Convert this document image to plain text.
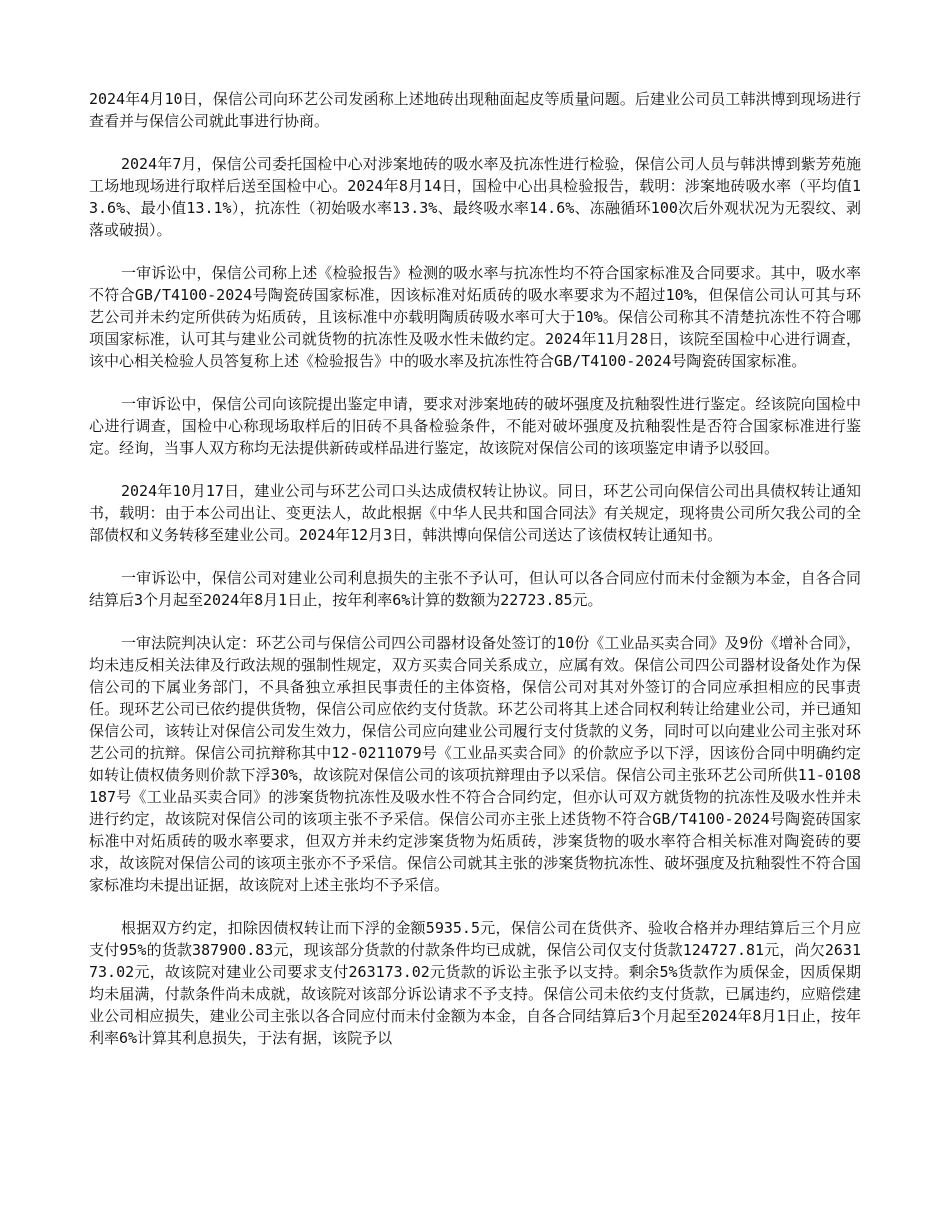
2024年4月10日，保信公司向环艺公司发函称上述地砖出现釉面起皮等质量问题。后建业公司员工韩洪博到现场进行查看并与保信公司就此事进行协商。

2024年7月，保信公司委托国检中心对涉案地砖的吸水率及抗冻性进行检验，保信公司人员与韩洪博到紫芳苑施工场地现场进行取样后送至国检中心。2024年8月14日，国检中心出具检验报告，载明：涉案地砖吸水率（平均值13.6%、最小值13.1%），抗冻性（初始吸水率13.3%、最终吸水率14.6%、冻融循环100次后外观状况为无裂纹、剥落或破损）。

一审诉讼中，保信公司称上述《检验报告》检测的吸水率与抗冻性均不符合国家标准及合同要求。其中，吸水率不符合GB/T4100-2024号陶瓷砖国家标准，因该标准对炻质砖的吸水率要求为不超过10%，但保信公司认可其与环艺公司并未约定所供砖为炻质砖，且该标准中亦载明陶质砖吸水率可大于10%。保信公司称其不清楚抗冻性不符合哪项国家标准，认可其与建业公司就货物的抗冻性及吸水性未做约定。2024年11月28日，该院至国检中心进行调查，该中心相关检验人员答复称上述《检验报告》中的吸水率及抗冻性符合GB/T4100-2024号陶瓷砖国家标准。

一审诉讼中，保信公司向该院提出鉴定申请，要求对涉案地砖的破坏强度及抗釉裂性进行鉴定。经该院向国检中心进行调查，国检中心称现场取样后的旧砖不具备检验条件，不能对破坏强度及抗釉裂性是否符合国家标准进行鉴定。经询，当事人双方称均无法提供新砖或样品进行鉴定，故该院对保信公司的该项鉴定申请予以驳回。

2024年10月17日，建业公司与环艺公司口头达成债权转让协议。同日，环艺公司向保信公司出具债权转让通知书，载明：由于本公司出让、变更法人，故此根据《中华人民共和国合同法》有关规定，现将贵公司所欠我公司的全部债权和义务转移至建业公司。2024年12月3日，韩洪博向保信公司送达了该债权转让通知书。

一审诉讼中，保信公司对建业公司利息损失的主张不予认可，但认可以各合同应付而未付金额为本金，自各合同结算后3个月起至2024年8月1日止，按年利率6%计算的数额为22723.85元。

一审法院判决认定：环艺公司与保信公司四公司器材设备处签订的10份《工业品买卖合同》及9份《增补合同》，均未违反相关法律及行政法规的强制性规定，双方买卖合同关系成立，应属有效。保信公司四公司器材设备处作为保信公司的下属业务部门，不具备独立承担民事责任的主体资格，保信公司对其对外签订的合同应承担相应的民事责任。现环艺公司已依约提供货物，保信公司应依约支付货款。环艺公司将其上述合同权利转让给建业公司，并已通知保信公司，该转让对保信公司发生效力，保信公司应向建业公司履行支付货款的义务，同时可以向建业公司主张对环艺公司的抗辩。保信公司抗辩称其中12-0211079号《工业品买卖合同》的价款应予以下浮，因该份合同中明确约定如转让债权债务则价款下浮30%，故该院对保信公司的该项抗辩理由予以采信。保信公司主张环艺公司所供11-0108187号《工业品买卖合同》的涉案货物抗冻性及吸水性不符合合同约定，但亦认可双方就货物的抗冻性及吸水性并未进行约定，故该院对保信公司的该项主张不予采信。保信公司亦主张上述货物不符合GB/T4100-2024号陶瓷砖国家标准中对炻质砖的吸水率要求，但双方并未约定涉案货物为炻质砖，涉案货物的吸水率符合相关标准对陶瓷砖的要求，故该院对保信公司的该项主张亦不予采信。保信公司就其主张的涉案货物抗冻性、破坏强度及抗釉裂性不符合国家标准均未提出证据，故该院对上述主张均不予采信。

根据双方约定，扣除因债权转让而下浮的金额5935.5元，保信公司在货供齐、验收合格并办理结算后三个月应支付95%的货款387900.83元，现该部分货款的付款条件均已成就，保信公司仅支付货款124727.81元，尚欠263173.02元，故该院对建业公司要求支付263173.02元货款的诉讼主张予以支持。剩余5%货款作为质保金，因质保期均未届满，付款条件尚未成就，故该院对该部分诉讼请求不予支持。保信公司未依约支付货款，已属违约，应赔偿建业公司相应损失，建业公司主张以各合同应付而未付金额为本金，自各合同结算后3个月起至2024年8月1日止，按年利率6%计算其利息损失，于法有据，该院予以
